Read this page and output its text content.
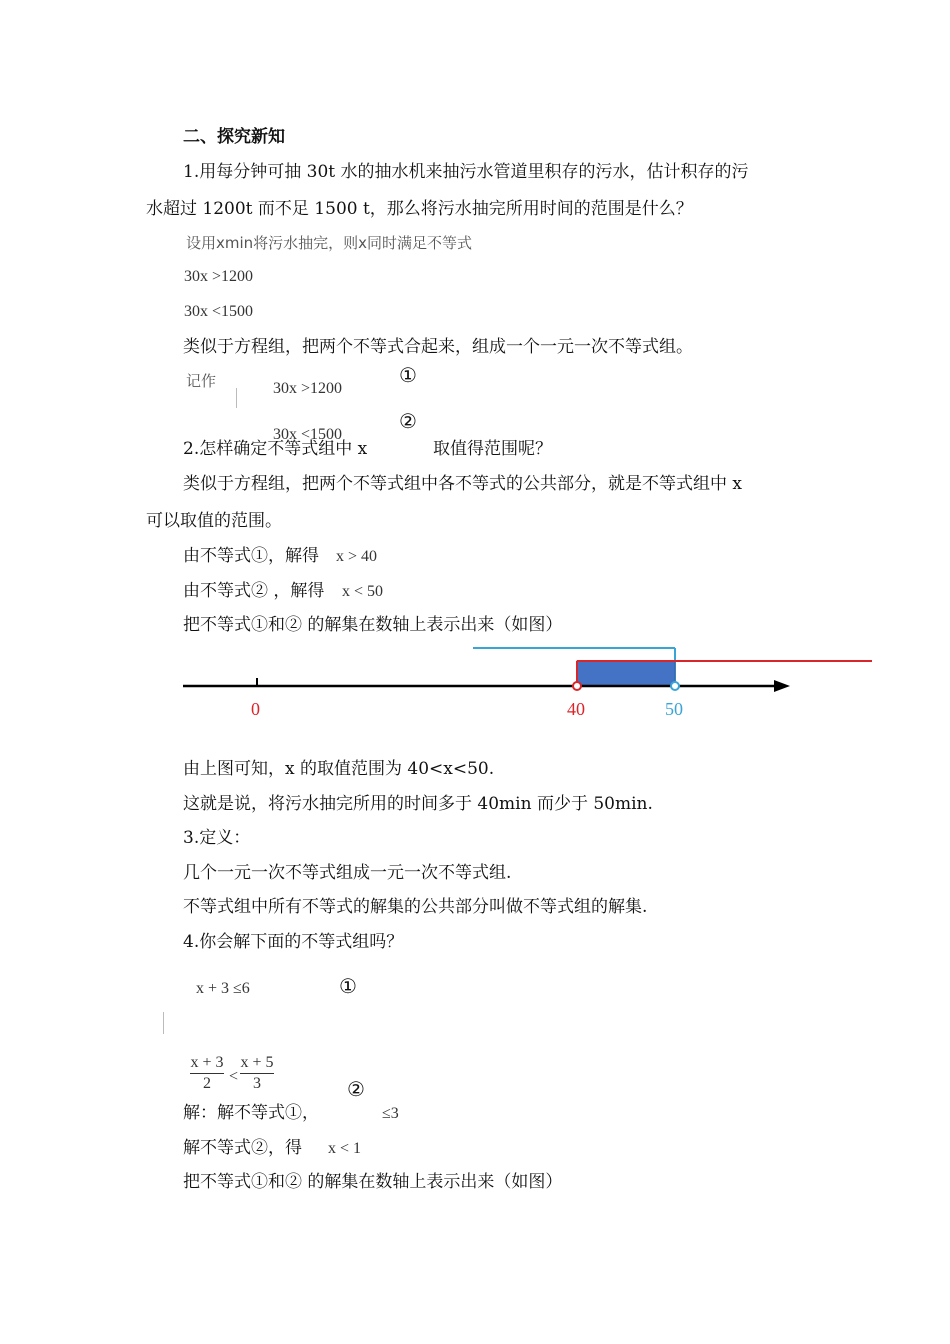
二、探究新知
1.用每分钟可抽 30t 水的抽水机来抽污水管道里积存的污水，估计积存的污
水超过 1200t 而不足 1500 t，那么将污水抽完所用时间的范围是什么？
设用xmin将污水抽完，则x同时满足不等式
30x >1200
30x <1500
类似于方程组，把两个不等式合起来，组成一个一元一次不等式组。
记作	30x >1200
①
②
30x <1500
2.怎样确定不等式组中 x	取值得范围呢？
类似于方程组，把两个不等式组中各不等式的公共部分，就是不等式组中 x
可以取值的范围。
由不等式①，解得 x > 40
由不等式② ，解得 x < 50
把不等式①和② 的解集在数轴上表示出来（如图）
0	40	50
由上图可知，x 的取值范围为 40<x<50.
这就是说，将污水抽完所用的时间多于 40min 而少于 50min.
3.定义：
几个一元一次不等式组成一元一次不等式组.
不等式组中所有不等式的解集的公共部分叫做不等式组的解集.
4.你会解下面的不等式组吗？
x + 3 ≤6	①
x + 3
2	<
x + 5
3	②
解：解不等式①，	≤3
解不等式②，得 x < 1
把不等式①和② 的解集在数轴上表示出来（如图）
